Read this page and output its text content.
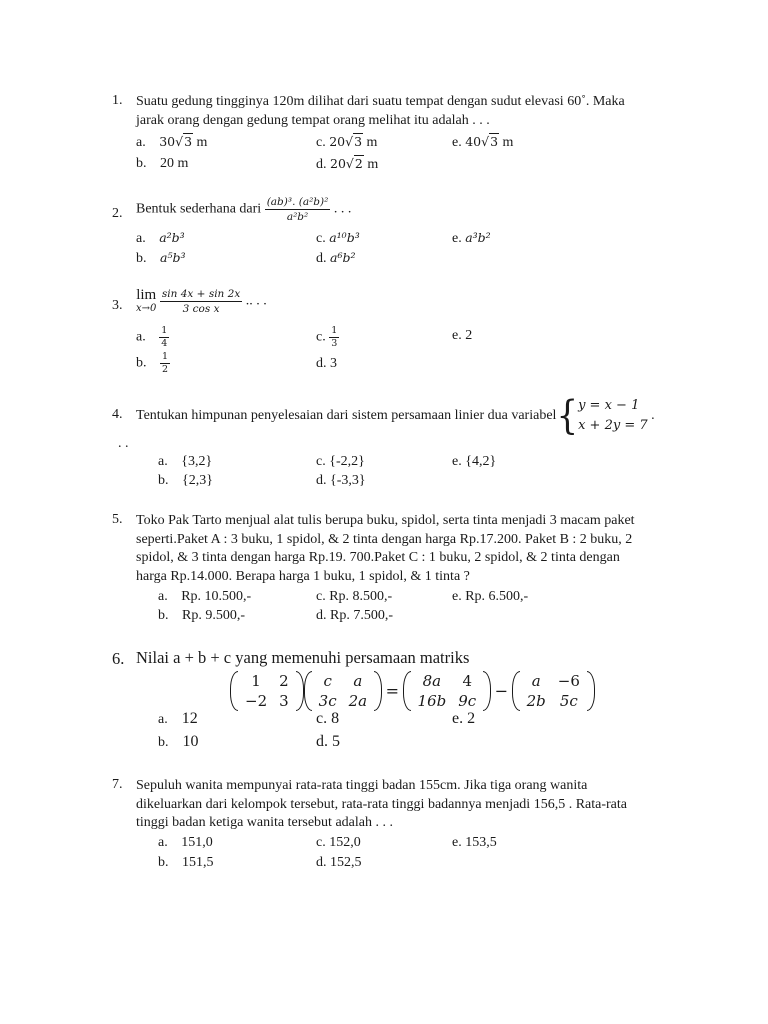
1. Suatu gedung tingginya 120m dilihat dari suatu tempat dengan sudut elevasi 60˚. Maka
jarak orang dengan gedung tempat orang melihat itu adalah . . .
a. 30√3 m
b. 20 m
c. 20√3 m
d. 20√2 m
e. 40√3 m
2. Bentuk sederhana dari $\frac{\text{(ab)³. (a²b)²}}{\text{a²b²}}$ . . .
a. a²b³
b. a⁵b³
c. a¹⁰b³
d. a⁶b²
e. a³b²
3.
lim
x→0
$\frac{\sin 4x + \sin 2x}{\text{3 cos x}}$ .. . .
a. $\frac{1}{4}$
b. $\frac{1}{2}$
c. $\frac{1}{3}$
d. 3
e. 2
4. Tentukan himpunan penyelesaian dari sistem persamaan linier dua variabel{ y = x − 1
x + 2y = 7
.
. .
a. {3,2}
b. {2,3}
c. {-2,2}
d. {-3,3}
e. {4,2}
5. Toko Pak Tarto menjual alat tulis berupa buku, spidol, serta tinta menjadi 3 macam paket
seperti.Paket A : 3 buku, 1 spidol, & 2 tinta dengan harga Rp.17.200. Paket B : 2 buku, 2
spidol, & 3 tinta dengan harga Rp.19. 700.Paket C : 1 buku, 2 spidol, & 2 tinta dengan
harga Rp.14.000. Berapa harga 1 buku, 1 spidol, & 1 tinta ?
a. Rp. 10.500,-
b. Rp. 9.500,-
c. Rp. 8.500,-
d. Rp. 7.500,-
e. Rp. 6.500,-
6. Nilai a + b + c yang memenuhi persamaan matriks
1	2
−2	3
c	a
3c	2a
=
8a	4
16b	9c
−
a	−6
2b	5c
a. 12
b. 10
c. 8
d. 5
e. 2
7. Sepuluh wanita mempunyai rata-rata tinggi badan 155cm. Jika tiga orang wanita
dikeluarkan dari kelompok tersebut, rata-rata tinggi badannya menjadi 156,5 . Rata-rata
tinggi badan ketiga wanita tersebut adalah . . .
a. 151,0
b. 151,5
c. 152,0
d. 152,5
e. 153,5
